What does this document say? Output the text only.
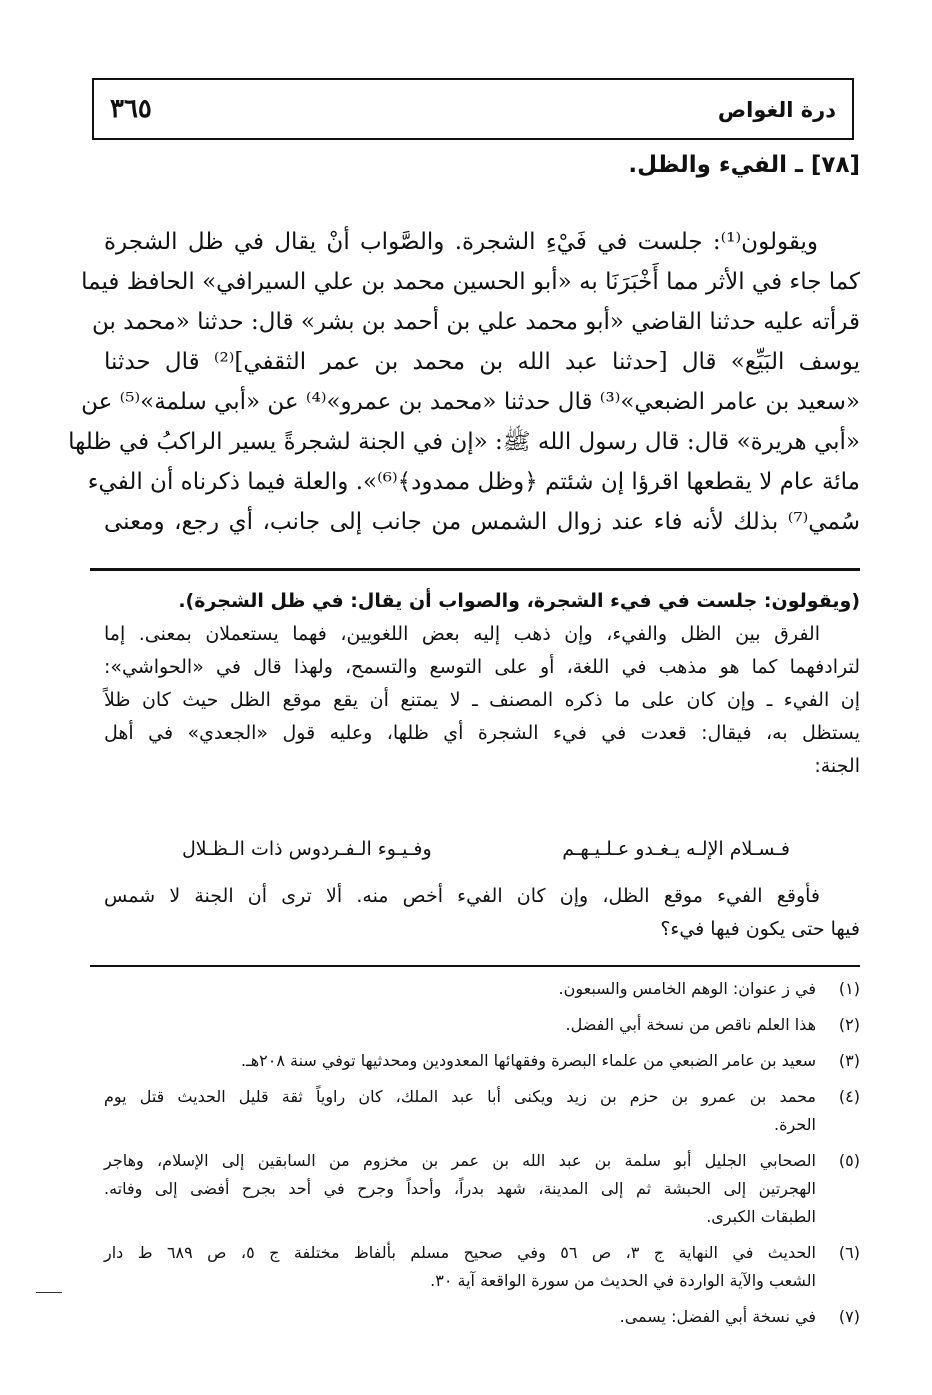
درة الغواص
٣٦٥
[٧٨] ـ الفيء والظل.
ويقولون⁽¹⁾: جلست في فَيْءِ الشجرة. والصَّواب أنْ يقال في ظل الشجرة
كما جاء في الأثر مما أَخْبَرَنَا به «أبو الحسين محمد بن علي السيرافي» الحافظ فيما
قرأته عليه حدثنا القاضي «أبو محمد علي بن أحمد بن بشر» قال: حدثنا «محمد بن
يوسف البَيِّع» قال [حدثنا عبد الله بن محمد بن عمر الثقفي]⁽²⁾ قال حدثنا
«سعيد بن عامر الضبعي»⁽³⁾ قال حدثنا «محمد بن عمرو»⁽⁴⁾ عن «أبي سلمة»⁽⁵⁾ عن
«أبي هريرة» قال: قال رسول الله ﷺ: «إن في الجنة لشجرةً يسير الراكبُ في ظلها
مائة عام لا يقطعها اقرؤا إن شئتم ﴿وظل ممدود﴾⁽⁶⁾». والعلة فيما ذكرناه أن الفيء
سُمي⁽⁷⁾ بذلك لأنه فاء عند زوال الشمس من جانب إلى جانب، أي رجع، ومعنى
(ويقولون: جلست في فيء الشجرة، والصواب أن يقال: في ظل الشجرة).
الفرق بين الظل والفيء، وإن ذهب إليه بعض اللغويين، فهما يستعملان بمعنى. إما
لترادفهما كما هو مذهب في اللغة، أو على التوسع والتسمح، ولهذا قال في «الحواشي»:
إن الفيء ـ وإن كان على ما ذكره المصنف ـ لا يمتنع أن يقع موقع الظل حيث كان ظلاً
يستظل به، فيقال: قعدت في فيء الشجرة أي ظلها، وعليه قول «الجعدي» في أهل
الجنة:
فـسـلام الإلـه يـغـدو عـلـيـهـم
وفـيـوء الـفـردوس ذات الـظـلال
فأوقع الفيء موقع الظل، وإن كان الفيء أخص منه. ألا ترى أن الجنة لا شمس
فيها حتى يكون فيها فيء؟
(١)
في ز عنوان: الوهم الخامس والسبعون.
(٢)
هذا العلم ناقص من نسخة أبي الفضل.
(٣)
سعيد بن عامر الضبعي من علماء البصرة وفقهائها المعدودين ومحدثيها توفي سنة ٢٠٨هـ.
(٤)
محمد بن عمرو بن حزم بن زيد ويكنى أبا عبد الملك، كان راوياً ثقة قليل الحديث قتل يوم
الحرة.
(٥)
الصحابي الجليل أبو سلمة بن عبد الله بن عمر بن مخزوم من السابقين إلى الإسلام، وهاجر
الهجرتين إلى الحبشة ثم إلى المدينة، شهد بدراً، وأحداً وجرح في أحد بجرح أفضى إلى وفاته.
الطبقات الكبرى.
(٦)
الحديث في النهاية ج ٣، ص ٥٦ وفي صحيح مسلم بألفاظ مختلفة ج ٥، ص ٦٨٩ ط دار
الشعب والآية الواردة في الحديث من سورة الواقعة آية ٣٠.
(٧)
في نسخة أبي الفضل: يسمى.
